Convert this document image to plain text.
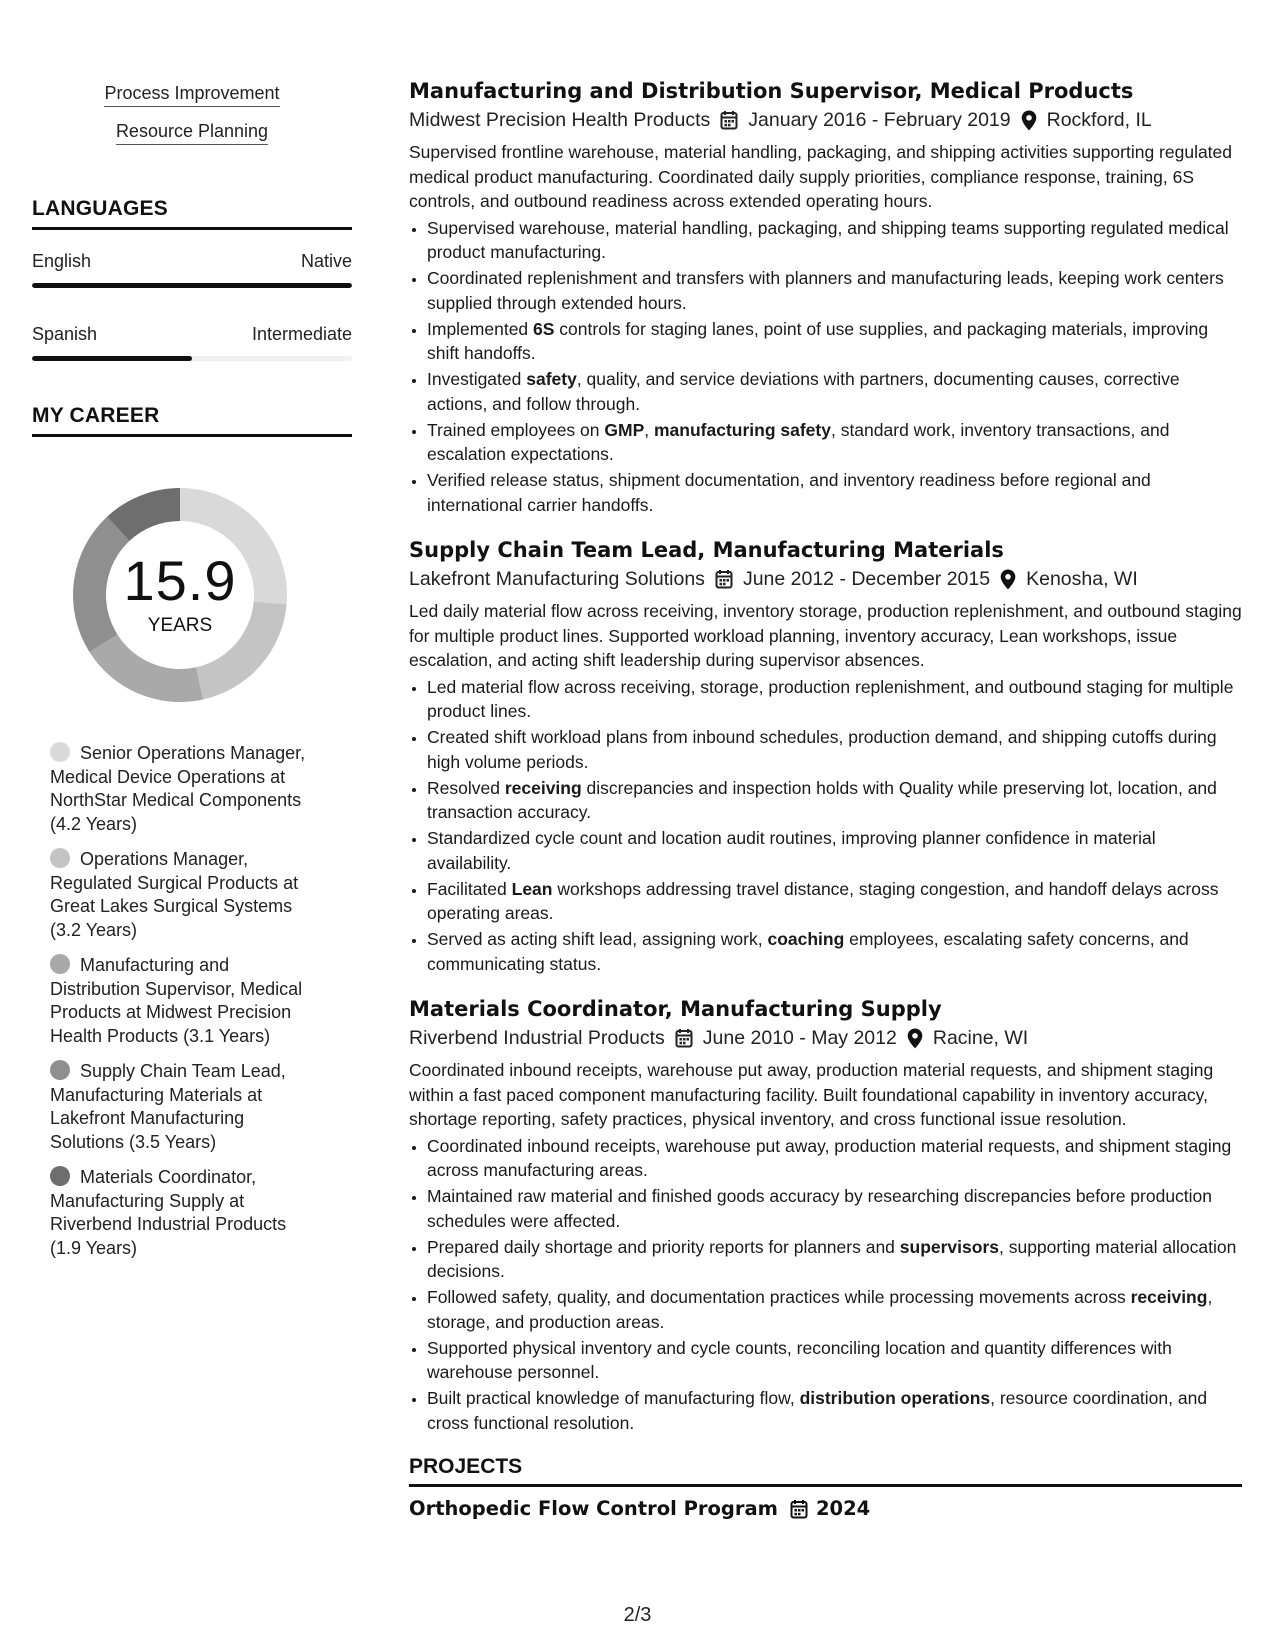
Process Improvement
Resource Planning
LANGUAGES
English	Native
Spanish	Intermediate
MY CAREER
15.9
YEARS
Senior Operations Manager, Medical Device Operations at NorthStar Medical Components (4.2 Years)
Operations Manager, Regulated Surgical Products at Great Lakes Surgical Systems (3.2 Years)
Manufacturing and Distribution Supervisor, Medical Products at Midwest Precision Health Products (3.1 Years)
Supply Chain Team Lead, Manufacturing Materials at Lakefront Manufacturing Solutions (3.5 Years)
Materials Coordinator, Manufacturing Supply at Riverbend Industrial Products (1.9 Years)
Manufacturing and Distribution Supervisor, Medical Products
Midwest Precision Health Products January 2016 - February 2019 Rockford, IL

Supervised frontline warehouse, material handling, packaging, and shipping activities supporting regulated medical product manufacturing. Coordinated daily supply priorities, compliance response, training, 6S controls, and outbound readiness across extended operating hours.

• Supervised warehouse, material handling, packaging, and shipping teams supporting regulated medical product manufacturing.
• Coordinated replenishment and transfers with planners and manufacturing leads, keeping work centers supplied through extended hours.
• Implemented 6S controls for staging lanes, point of use supplies, and packaging materials, improving shift handoffs.
• Investigated safety, quality, and service deviations with partners, documenting causes, corrective actions, and follow through.
• Trained employees on GMP, manufacturing safety, standard work, inventory transactions, and escalation expectations.
• Verified release status, shipment documentation, and inventory readiness before regional and international carrier handoffs.
Supply Chain Team Lead, Manufacturing Materials
Lakefront Manufacturing Solutions June 2012 - December 2015 Kenosha, WI

Led daily material flow across receiving, inventory storage, production replenishment, and outbound staging for multiple product lines. Supported workload planning, inventory accuracy, Lean workshops, issue escalation, and acting shift leadership during supervisor absences.

• Led material flow across receiving, storage, production replenishment, and outbound staging for multiple product lines.
• Created shift workload plans from inbound schedules, production demand, and shipping cutoffs during high volume periods.
• Resolved receiving discrepancies and inspection holds with Quality while preserving lot, location, and transaction accuracy.
• Standardized cycle count and location audit routines, improving planner confidence in material availability.
• Facilitated Lean workshops addressing travel distance, staging congestion, and handoff delays across operating areas.
• Served as acting shift lead, assigning work, coaching employees, escalating safety concerns, and communicating status.
Materials Coordinator, Manufacturing Supply
Riverbend Industrial Products June 2010 - May 2012 Racine, WI

Coordinated inbound receipts, warehouse put away, production material requests, and shipment staging within a fast paced component manufacturing facility. Built foundational capability in inventory accuracy, shortage reporting, safety practices, physical inventory, and cross functional issue resolution.

• Coordinated inbound receipts, warehouse put away, production material requests, and shipment staging across manufacturing areas.
• Maintained raw material and finished goods accuracy by researching discrepancies before production schedules were affected.
• Prepared daily shortage and priority reports for planners and supervisors, supporting material allocation decisions.
• Followed safety, quality, and documentation practices while processing movements across receiving, storage, and production areas.
• Supported physical inventory and cycle counts, reconciling location and quantity differences with warehouse personnel.
• Built practical knowledge of manufacturing flow, distribution operations, resource coordination, and cross functional resolution.
PROJECTS
Orthopedic Flow Control Program 2024
2/3
